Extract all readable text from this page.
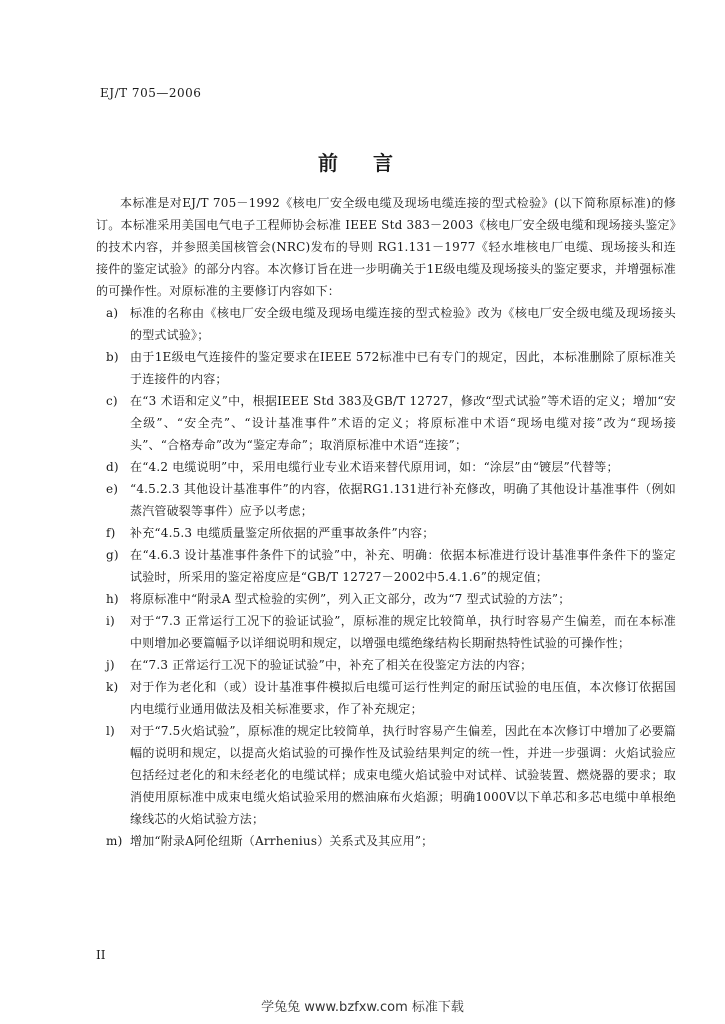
EJ/T 705—2006
前 言

本标准是对EJ/T 705－1992《核电厂安全级电缆及现场电缆连接的型式检验》(以下简称原标准)的修订。本标准采用美国电气电子工程师协会标准 IEEE Std 383－2003《核电厂安全级电缆和现场接头鉴定》的技术内容，并参照美国核管会(NRC)发布的导则 RG1.131－1977《轻水堆核电厂电缆、现场接头和连接件的鉴定试验》的部分内容。本次修订旨在进一步明确关于1E级电缆及现场接头的鉴定要求，并增强标准的可操作性。对原标准的主要修订内容如下：

a) 标准的名称由《核电厂安全级电缆及现场电缆连接的型式检验》改为《核电厂安全级电缆及现场接头的型式试验》；
b) 由于1E级电气连接件的鉴定要求在IEEE 572标准中已有专门的规定，因此，本标准删除了原标准关于连接件的内容；
c)	在“3 术语和定义”中，根据IEEE Std 383及GB/T 12727，修改“型式试验”等术语的定义；增加“安全级”、“安全壳”、“设计基准事件”术语的定义；将原标准中术语“现场电缆对接”改为“现场接头”、“合格寿命”改为“鉴定寿命”；取消原标准中术语“连接”；
d) 在“4.2 电缆说明”中，采用电缆行业专业术语来替代原用词，如：“涂层”由“镀层”代替等；
e) “4.5.2.3 其他设计基准事件”的内容，依据RG1.131进行补充修改，明确了其他设计基准事件（例如蒸汽管破裂等事件）应予以考虑；
f)	补充“4.5.3 电缆质量鉴定所依据的严重事故条件”内容；
g) 在“4.6.3 设计基准事件条件下的试验”中，补充、明确：依据本标准进行设计基准事件条件下的鉴定试验时，所采用的鉴定裕度应是“GB/T 12727－2002中5.4.1.6”的规定值；
h) 将原标准中“附录A 型式检验的实例”，列入正文部分，改为“7 型式试验的方法”；
i)	对于“7.3 正常运行工况下的验证试验”，原标准的规定比较简单，执行时容易产生偏差，而在本标准中则增加必要篇幅予以详细说明和规定，以增强电缆绝缘结构长期耐热特性试验的可操作性；
j)	在“7.3 正常运行工况下的验证试验”中，补充了相关在役鉴定方法的内容；
k) 对于作为老化和（或）设计基准事件模拟后电缆可运行性判定的耐压试验的电压值，本次修订依据国内电缆行业通用做法及相关标准要求，作了补充规定；
l)	对于“7.5火焰试验”，原标准的规定比较简单，执行时容易产生偏差，因此在本次修订中增加了必要篇幅的说明和规定，以提高火焰试验的可操作性及试验结果判定的统一性，并进一步强调：火焰试验应包括经过老化的和未经老化的电缆试样；成束电缆火焰试验中对试样、试验装置、燃烧器的要求；取消使用原标准中成束电缆火焰试验采用的燃油麻布火焰源；明确1000V以下单芯和多芯电缆中单根绝缘线芯的火焰试验方法；
m) 增加“附录A阿伦纽斯（Arrhenius）关系式及其应用”；
II
学兔兔 www.bzfxw.com 标准下载
